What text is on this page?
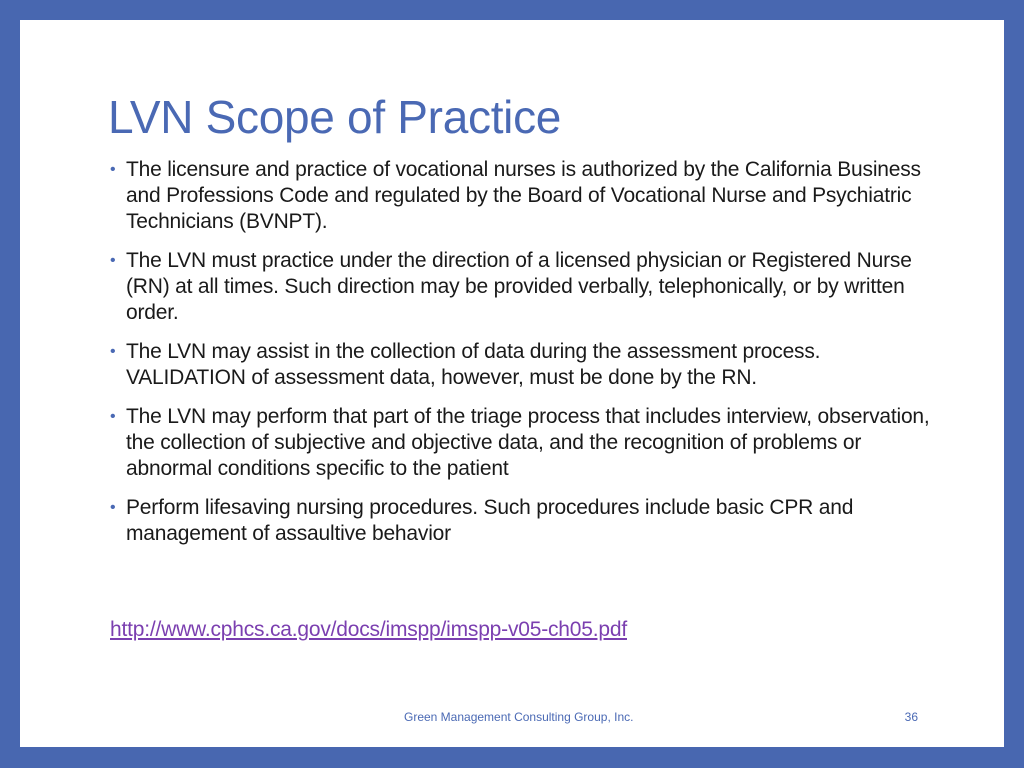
LVN Scope of Practice
• The licensure and practice of vocational nurses is authorized by the California Business and Professions Code and regulated by the Board of Vocational Nurse and Psychiatric Technicians (BVNPT).
• The LVN must practice under the direction of a licensed physician or Registered Nurse (RN) at all times. Such direction may be provided verbally, telephonically, or by written order.
• The LVN may assist in the collection of data during the assessment process. VALIDATION of assessment data, however, must be done by the RN.
• The LVN may perform that part of the triage process that includes interview, observation, the collection of subjective and objective data, and the recognition of problems or abnormal conditions specific to the patient
• Perform lifesaving nursing procedures. Such procedures include basic CPR and management of assaultive behavior
http://www.cphcs.ca.gov/docs/imspp/imspp-v05-ch05.pdf
Green Management Consulting Group, Inc.	36
